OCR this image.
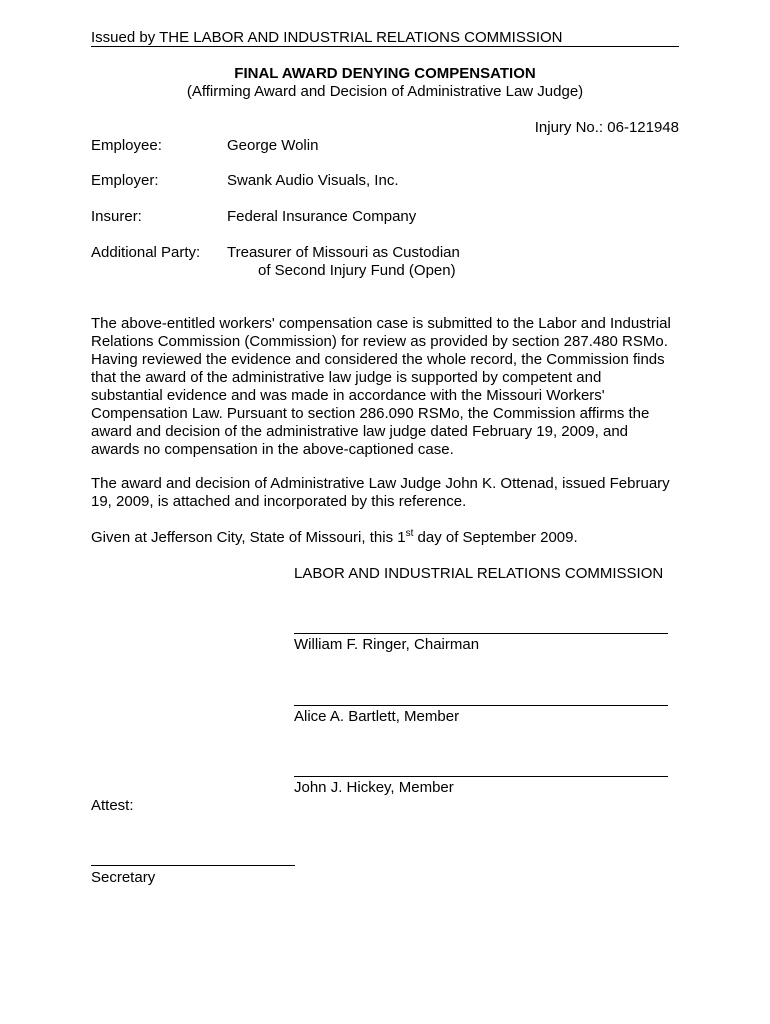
Issued by THE LABOR AND INDUSTRIAL RELATIONS COMMISSION
FINAL AWARD DENYING COMPENSATION
(Affirming Award and Decision of Administrative Law Judge)
Injury No.: 06-121948
Employee:	George Wolin
Employer:	Swank Audio Visuals, Inc.
Insurer:	Federal Insurance Company
Additional Party: Treasurer of Missouri as Custodian
of Second Injury Fund (Open)
The above-entitled workers' compensation case is submitted to the Labor and Industrial
Relations Commission (Commission) for review as provided by section 287.480 RSMo.
Having reviewed the evidence and considered the whole record, the Commission finds
that the award of the administrative law judge is supported by competent and
substantial evidence and was made in accordance with the Missouri Workers'
Compensation Law. Pursuant to section 286.090 RSMo, the Commission affirms the
award and decision of the administrative law judge dated February 19, 2009, and
awards no compensation in the above-captioned case.
The award and decision of Administrative Law Judge John K. Ottenad, issued February
19, 2009, is attached and incorporated by this reference.
Given at Jefferson City, State of Missouri, this 1st day of September 2009.
LABOR AND INDUSTRIAL RELATIONS COMMISSION
William F. Ringer, Chairman
Alice A. Bartlett, Member
John J. Hickey, Member
Attest:
Secretary
